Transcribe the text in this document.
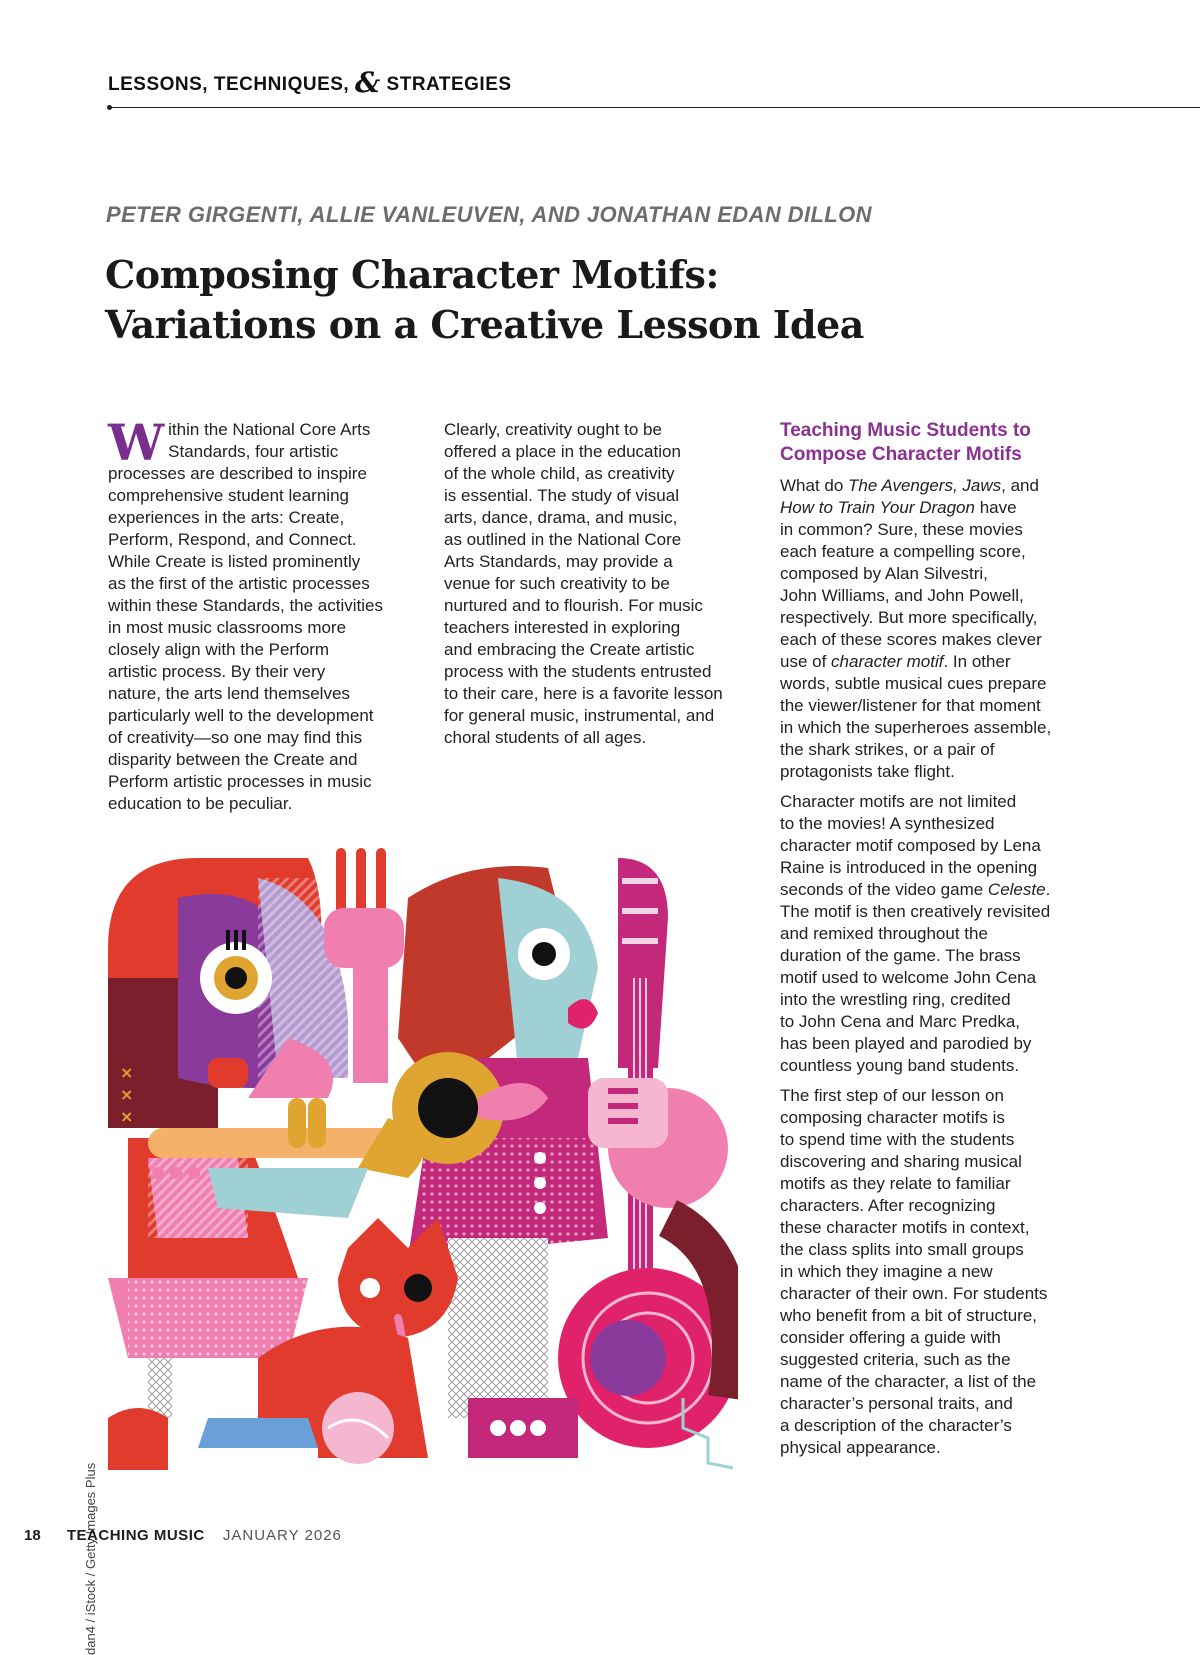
LESSONS, TECHNIQUES, & STRATEGIES
PETER GIRGENTI, ALLIE VANLEUVEN, AND JONATHAN EDAN DILLON
Composing Character Motifs:
Variations on a Creative Lesson Idea
W ithin the National Core Arts
Standards, four artistic
processes are described to inspire
comprehensive student learning
experiences in the arts: Create,
Perform, Respond, and Connect.
While Create is listed prominently
as the first of the artistic processes
within these Standards, the activities
in most music classrooms more
closely align with the Perform
artistic process. By their very
nature, the arts lend themselves
particularly well to the development
of creativity—so one may find this
disparity between the Create and
Perform artistic processes in music
education to be peculiar.
Clearly, creativity ought to be
offered a place in the education
of the whole child, as creativity
is essential. The study of visual
arts, dance, drama, and music,
as outlined in the National Core
Arts Standards, may provide a
venue for such creativity to be
nurtured and to flourish. For music
teachers interested in exploring
and embracing the Create artistic
process with the students entrusted
to their care, here is a favorite lesson
for general music, instrumental, and
choral students of all ages.
Teaching Music Students to
Compose Character Motifs

What do The Avengers, Jaws, and
How to Train Your Dragon have
in common? Sure, these movies
each feature a compelling score,
composed by Alan Silvestri,
John Williams, and John Powell,
respectively. But more specifically,
each of these scores makes clever
use of character motif. In other
words, subtle musical cues prepare
the viewer/listener for that moment
in which the superheroes assemble,
the shark strikes, or a pair of
protagonists take flight.

Character motifs are not limited
to the movies! A synthesized
character motif composed by Lena
Raine is introduced in the opening
seconds of the video game Celeste.
The motif is then creatively revisited
and remixed throughout the
duration of the game. The brass
motif used to welcome John Cena
into the wrestling ring, credited
to John Cena and Marc Predka,
has been played and parodied by
countless young band students.

The first step of our lesson on
composing character motifs is
to spend time with the students
discovering and sharing musical
motifs as they relate to familiar
characters. After recognizing
these character motifs in context,
the class splits into small groups
in which they imagine a new
character of their own. For students
who benefit from a bit of structure,
consider offering a guide with
suggested criteria, such as the
name of the character, a list of the
character’s personal traits, and
a description of the character’s
physical appearance.

×
×
×
dan4 / iStock / Getty Images Plus
18 TEACHING MUSIC JANUARY 2026
